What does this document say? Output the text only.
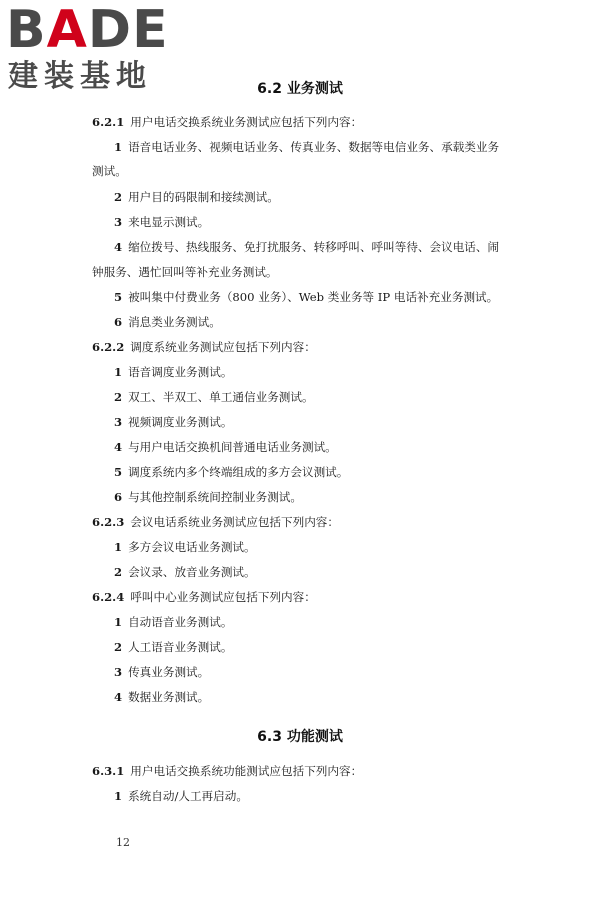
B A D E
建装基地	6.2 业务测试
6.2.1 用户电话交换系统业务测试应包括下列内容：
1 语音电话业务、视频电话业务、传真业务、数据等电信业务、承载类业务
测试。
2 用户目的码限制和接续测试。
3 来电显示测试。
4 缩位拨号、热线服务、免打扰服务、转移呼叫、呼叫等待、会议电话、闹
钟服务、遇忙回叫等补充业务测试。
5 被叫集中付费业务（800 业务）、Web 类业务等 IP 电话补充业务测试。
6 消息类业务测试。
6.2.2 调度系统业务测试应包括下列内容：
1 语音调度业务测试。
2 双工、半双工、单工通信业务测试。
3 视频调度业务测试。
4 与用户电话交换机间普通电话业务测试。
5 调度系统内多个终端组成的多方会议测试。
6 与其他控制系统间控制业务测试。
6.2.3 会议电话系统业务测试应包括下列内容：
1 多方会议电话业务测试。
2 会议录、放音业务测试。
6.2.4 呼叫中心业务测试应包括下列内容：
1 自动语音业务测试。
2 人工语音业务测试。
3 传真业务测试。
4 数据业务测试。
6.3 功能测试
6.3.1 用户电话交换系统功能测试应包括下列内容：
1 系统自动/人工再启动。
12
